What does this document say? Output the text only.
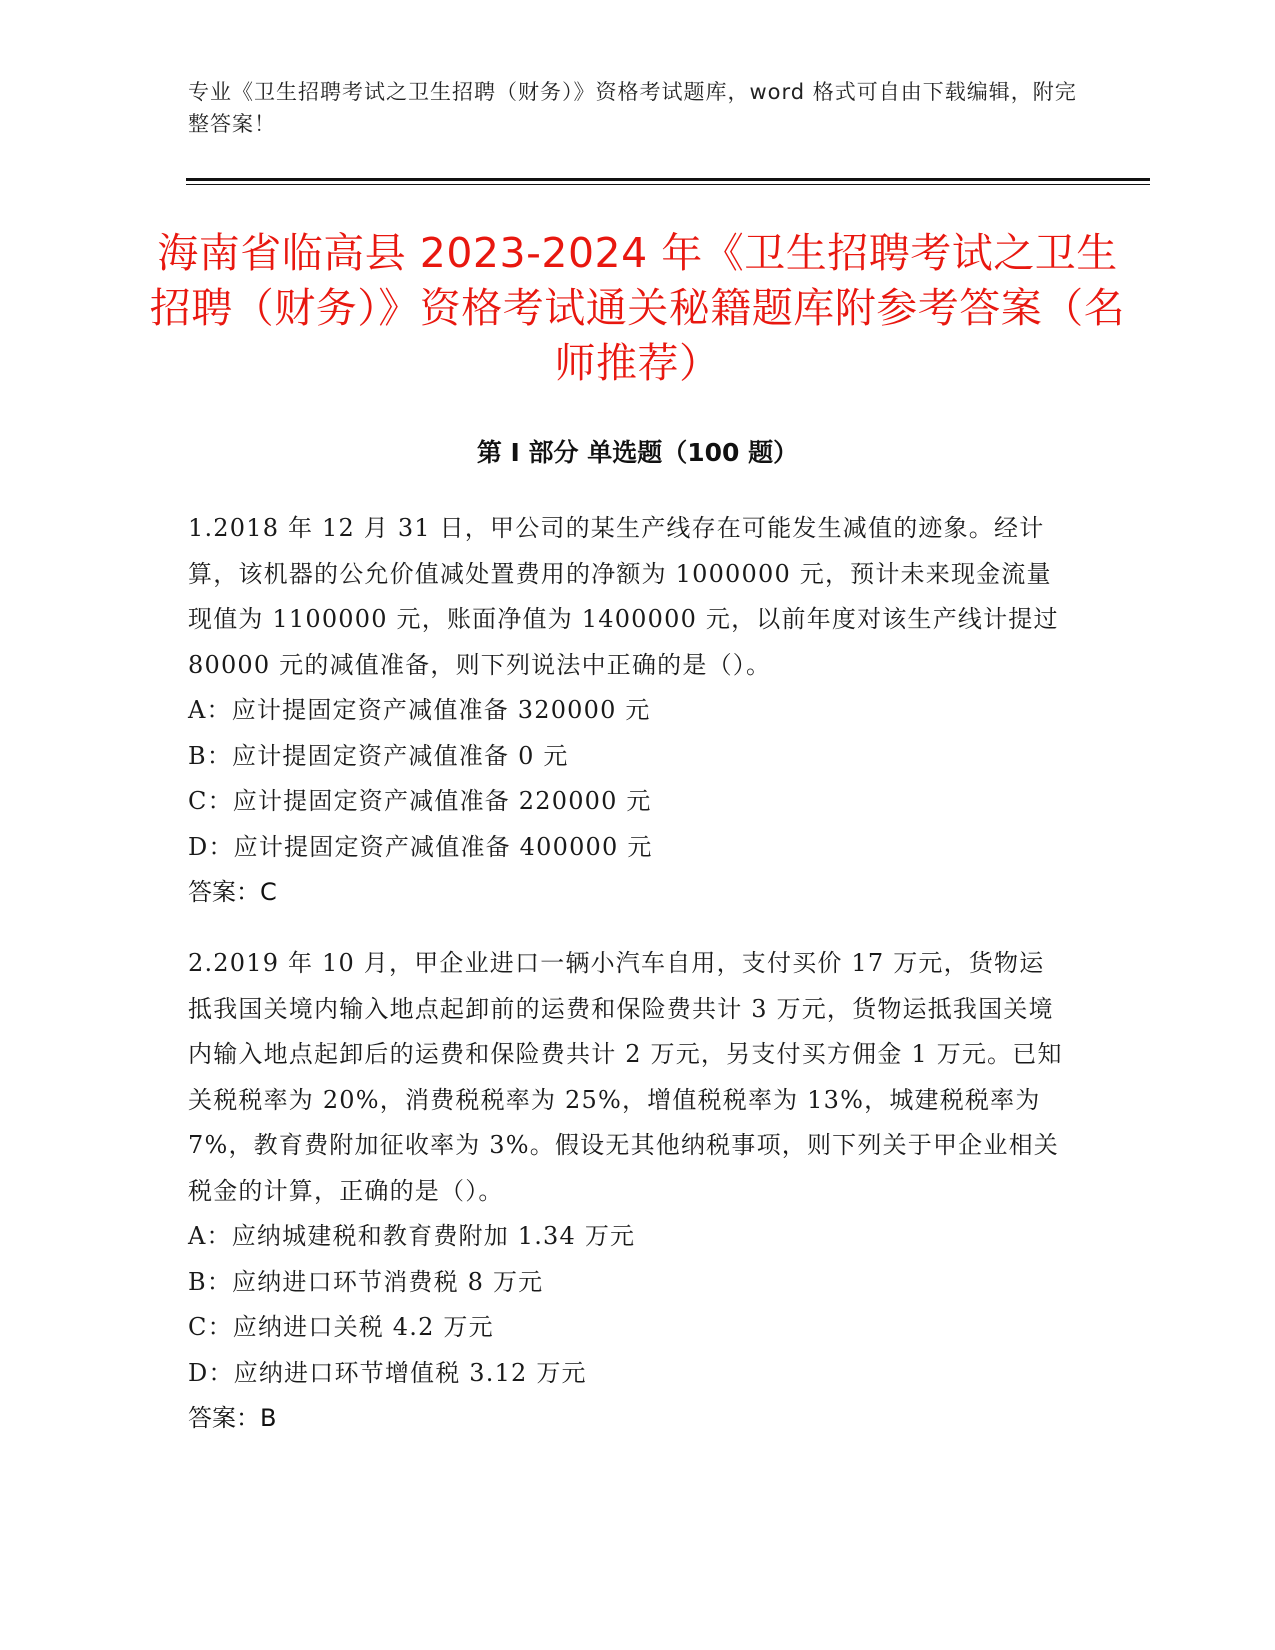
专业《卫生招聘考试之卫生招聘（财务）》资格考试题库，word 格式可自由下载编辑，附完整答案！
海南省临高县 2023-2024 年《卫生招聘考试之卫生招聘（财务）》资格考试通关秘籍题库附参考答案（名师推荐）
第 I 部分 单选题（100 题）

1.2018 年 12 月 31 日，甲公司的某生产线存在可能发生减值的迹象。经计算，该机器的公允价值减处置费用的净额为 1000000 元，预计未来现金流量现值为 1100000 元，账面净值为 1400000 元，以前年度对该生产线计提过 80000 元的减值准备，则下列说法中正确的是（）。

A：应计提固定资产减值准备 320000 元

B：应计提固定资产减值准备 0 元

C：应计提固定资产减值准备 220000 元

D：应计提固定资产减值准备 400000 元

答案：C

2.2019 年 10 月，甲企业进口一辆小汽车自用，支付买价 17 万元，货物运抵我国关境内输入地点起卸前的运费和保险费共计 3 万元，货物运抵我国关境内输入地点起卸后的运费和保险费共计 2 万元，另支付买方佣金 1 万元。已知关税税率为 20%，消费税税率为 25%，增值税税率为 13%，城建税税率为 7%，教育费附加征收率为 3%。假设无其他纳税事项，则下列关于甲企业相关税金的计算，正确的是（）。

A：应纳城建税和教育费附加 1.34 万元

B：应纳进口环节消费税 8 万元

C：应纳进口关税 4.2 万元

D：应纳进口环节增值税 3.12 万元

答案：B
